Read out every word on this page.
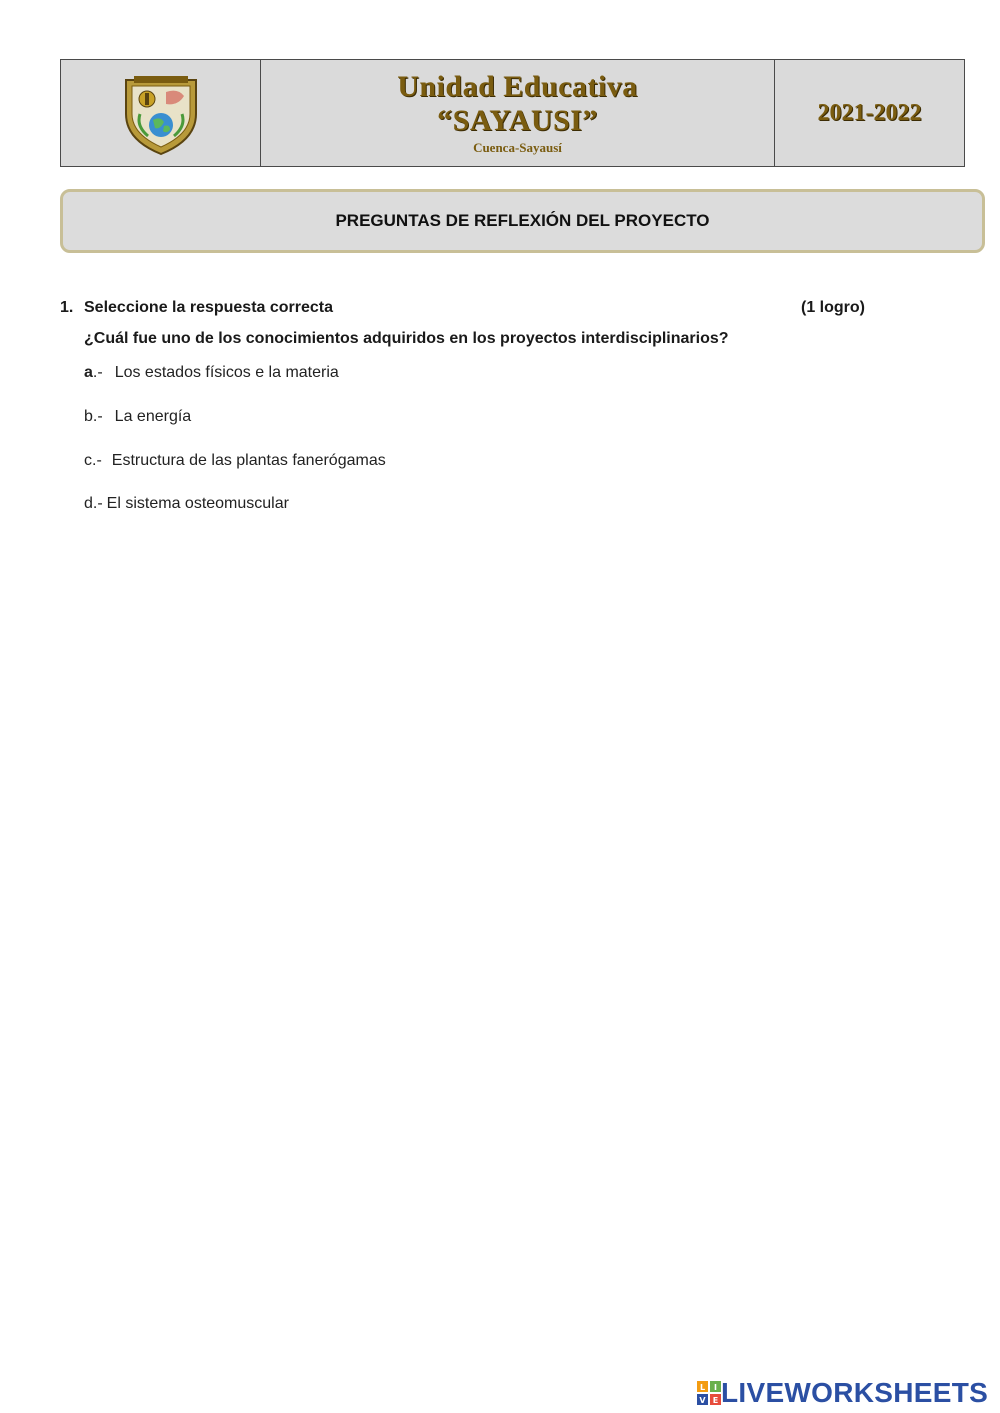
Unidad Educativa
“SAYAUSI”
Cuenca-Sayausí
2021-2022
PREGUNTAS DE REFLEXIÓN DEL PROYECTO
1. Seleccione la respuesta correcta	(1 logro)
¿Cuál fue uno de los conocimientos adquiridos en los proyectos interdisciplinarios?
a.- Los estados físicos e la materia
b.- La energía
c.- Estructura de las plantas fanerógamas
d.- El sistema osteomuscular
L I
V E LIVEWORKSHEETS
